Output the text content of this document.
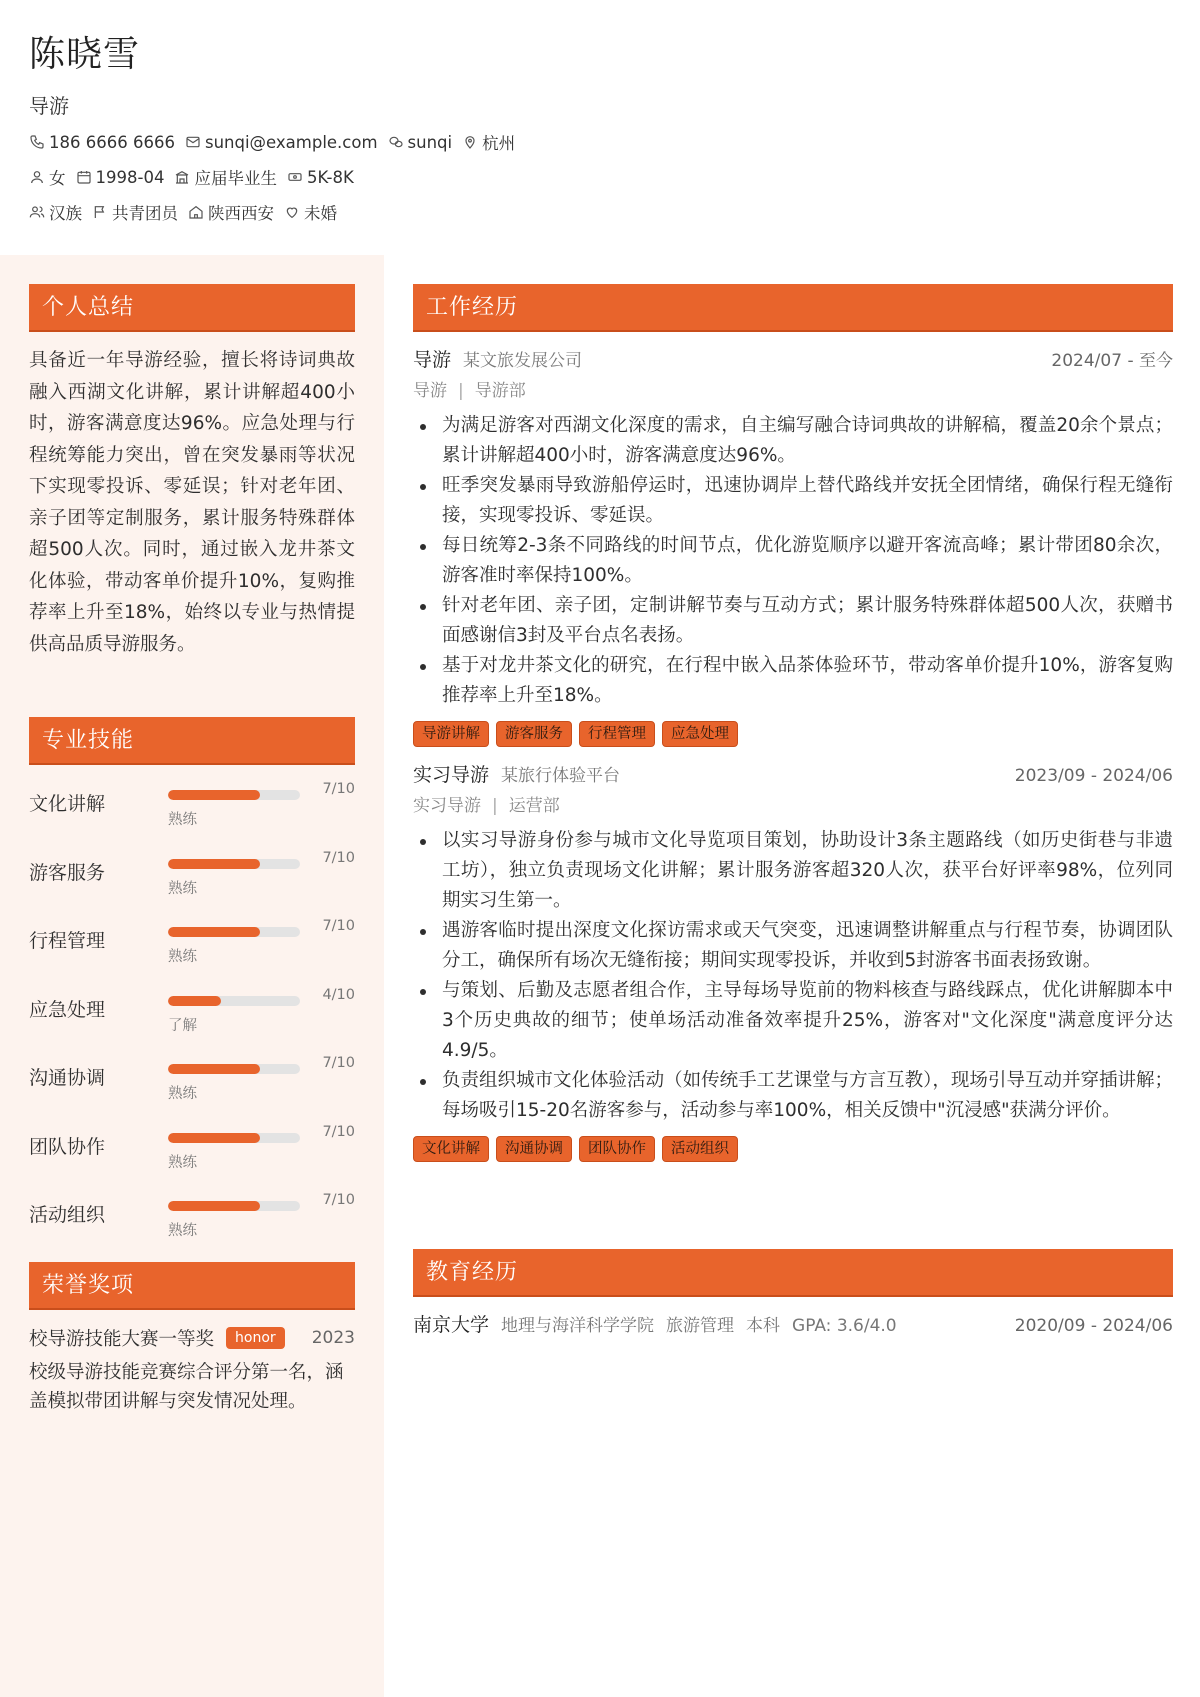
陈晓雪
导游
186 6666 6666 sunqi@example.com sunqi 杭州
女 1998-04 应届毕业生 5K-8K
汉族 共青团员 陕西西安 未婚
个人总结
具备近一年导游经验，擅长将诗词典故融入西湖文化讲解，累计讲解超400小时，游客满意度达96%。应急处理与行程统筹能力突出，曾在突发暴雨等状况下实现零投诉、零延误；针对老年团、亲子团等定制服务，累计服务特殊群体超500人次。同时，通过嵌入龙井茶文化体验，带动客单价提升10%，复购推荐率上升至18%，始终以专业与热情提供高品质导游服务。
专业技能
文化讲解
7/10
熟练
游客服务
7/10
熟练
行程管理
7/10
熟练
应急处理
4/10
了解
沟通协调
7/10
熟练
团队协作
7/10
熟练
活动组织
7/10
熟练
荣誉奖项
校导游技能大赛一等奖	honor	2023
校级导游技能竞赛综合评分第一名，涵盖模拟带团讲解与突发情况处理。
工作经历
导游 某文旅发展公司	2024/07 - 至今
导游 | 导游部
为满足游客对西湖文化深度的需求，自主编写融合诗词典故的讲解稿，覆盖20余个景点；累计讲解超400小时，游客满意度达96%。
旺季突发暴雨导致游船停运时，迅速协调岸上替代路线并安抚全团情绪，确保行程无缝衔接，实现零投诉、零延误。
每日统筹2-3条不同路线的时间节点，优化游览顺序以避开客流高峰；累计带团80余次，游客准时率保持100%。
针对老年团、亲子团，定制讲解节奏与互动方式；累计服务特殊群体超500人次，获赠书面感谢信3封及平台点名表扬。
基于对龙井茶文化的研究，在行程中嵌入品茶体验环节，带动客单价提升10%，游客复购推荐率上升至18%。
导游讲解	游客服务	行程管理	应急处理
实习导游 某旅行体验平台	2023/09 - 2024/06
实习导游 | 运营部
以实习导游身份参与城市文化导览项目策划，协助设计3条主题路线（如历史街巷与非遗工坊），独立负责现场文化讲解；累计服务游客超320人次，获平台好评率98%，位列同期实习生第一。
遇游客临时提出深度文化探访需求或天气突变，迅速调整讲解重点与行程节奏，协调团队分工，确保所有场次无缝衔接；期间实现零投诉，并收到5封游客书面表扬致谢。
与策划、后勤及志愿者组合作，主导每场导览前的物料核查与路线踩点，优化讲解脚本中3个历史典故的细节；使单场活动准备效率提升25%，游客对"文化深度"满意度评分达4.9/5。
负责组织城市文化体验活动（如传统手工艺课堂与方言互教），现场引导互动并穿插讲解；每场吸引15-20名游客参与，活动参与率100%，相关反馈中"沉浸感"获满分评价。
文化讲解	沟通协调	团队协作	活动组织
教育经历
南京大学 地理与海洋科学学院 旅游管理 本科 GPA: 3.6/4.0	2020/09 - 2024/06
